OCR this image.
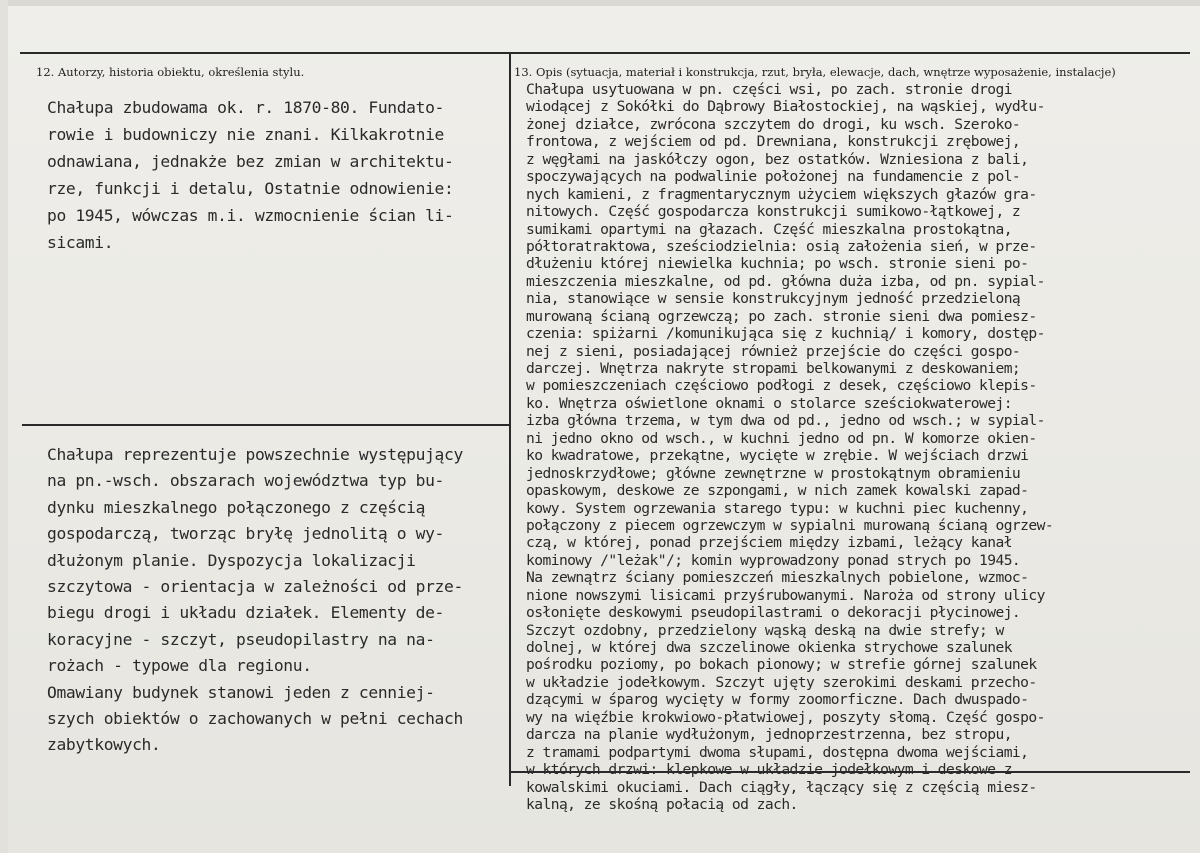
12. Autorzy, historia obiektu, określenia stylu.	13. Opis (sytuacja, materiał i konstrukcja, rzut, bryła, elewacje, dach, wnętrze wyposażenie, instalacje)
Chałupa zbudowama ok. r. 1870-80. Fundato-
rowie i budowniczy nie znani. Kilkakrotnie
odnawiana, jednakże bez zmian w architektu-
rze, funkcji i detalu, Ostatnie odnowienie:
po 1945, wówczas m.i. wzmocnienie ścian li-
sicami.
Chałupa reprezentuje powszechnie występujący
na pn.-wsch. obszarach województwa typ bu-
dynku mieszkalnego połączonego z częścią
gospodarczą, tworząc bryłę jednolitą o wy-
dłużonym planie. Dyspozycja lokalizacji
szczytowa - orientacja w zależności od prze-
biegu drogi i układu działek. Elementy de-
koracyjne - szczyt, pseudopilastry na na-
rożach - typowe dla regionu.
Omawiany budynek stanowi jeden z cenniej-
szych obiektów o zachowanych w pełni cechach
zabytkowych.
Chałupa usytuowana w pn. części wsi, po zach. stronie drogi
wiodącej z Sokółki do Dąbrowy Białostockiej, na wąskiej, wydłu-
żonej działce, zwrócona szczytem do drogi, ku wsch. Szeroko-
frontowa, z wejściem od pd. Drewniana, konstrukcji zrębowej,
z węgłami na jaskółczy ogon, bez ostatków. Wzniesiona z bali,
spoczywających na podwalinie położonej na fundamencie z pol-
nych kamieni, z fragmentarycznym użyciem większych głazów gra-
nitowych. Część gospodarcza konstrukcji sumikowo-łątkowej, z
sumikami opartymi na głazach. Część mieszkalna prostokątna,
półtoratraktowa, sześciodzielnia: osią założenia sień, w prze-
dłużeniu której niewielka kuchnia; po wsch. stronie sieni po-
mieszczenia mieszkalne, od pd. główna duża izba, od pn. sypial-
nia, stanowiące w sensie konstrukcyjnym jedność przedzieloną
murowaną ścianą ogrzewczą; po zach. stronie sieni dwa pomiesz-
czenia: spiżarni /komunikująca się z kuchnią/ i komory, dostęp-
nej z sieni, posiadającej również przejście do części gospo-
darczej. Wnętrza nakryte stropami belkowanymi z deskowaniem;
w pomieszczeniach częściowo podłogi z desek, częściowo klepis-
ko. Wnętrza oświetlone oknami o stolarce sześciokwaterowej:
izba główna trzema, w tym dwa od pd., jedno od wsch.; w sypial-
ni jedno okno od wsch., w kuchni jedno od pn. W komorze okien-
ko kwadratowe, przekątne, wycięte w zrębie. W wejściach drzwi
jednoskrzydłowe; główne zewnętrzne w prostokątnym obramieniu
opaskowym, deskowe ze szpongami, w nich zamek kowalski zapad-
kowy. System ogrzewania starego typu: w kuchni piec kuchenny,
połączony z piecem ogrzewczym w sypialni murowaną ścianą ogrzew-
czą, w której, ponad przejściem między izbami, leżący kanał
kominowy /"leżak"/; komin wyprowadzony ponad strych po 1945.
Na zewnątrz ściany pomieszczeń mieszkalnych pobielone, wzmoc-
nione nowszymi lisicami przyśrubowanymi. Naroża od strony ulicy
osłonięte deskowymi pseudopilastrami o dekoracji płycinowej.
Szczyt ozdobny, przedzielony wąską deską na dwie strefy; w
dolnej, w której dwa szczelinowe okienka strychowe szalunek
pośrodku poziomy, po bokach pionowy; w strefie górnej szalunek
w układzie jodełkowym. Szczyt ujęty szerokimi deskami przecho-
dzącymi w śparog wycięty w formy zoomorficzne. Dach dwuspado-
wy na więźbie krokwiowo-płatwiowej, poszyty słomą. Część gospo-
darcza na planie wydłużonym, jednoprzestrzenna, bez stropu,
z tramami podpartymi dwoma słupami, dostępna dwoma wejściami,
w których drzwi: klepkowe w układzie jodełkowym i deskowe z
kowalskimi okuciami. Dach ciągły, łączący się z częścią miesz-
kalną, ze skośną połacią od zach.
